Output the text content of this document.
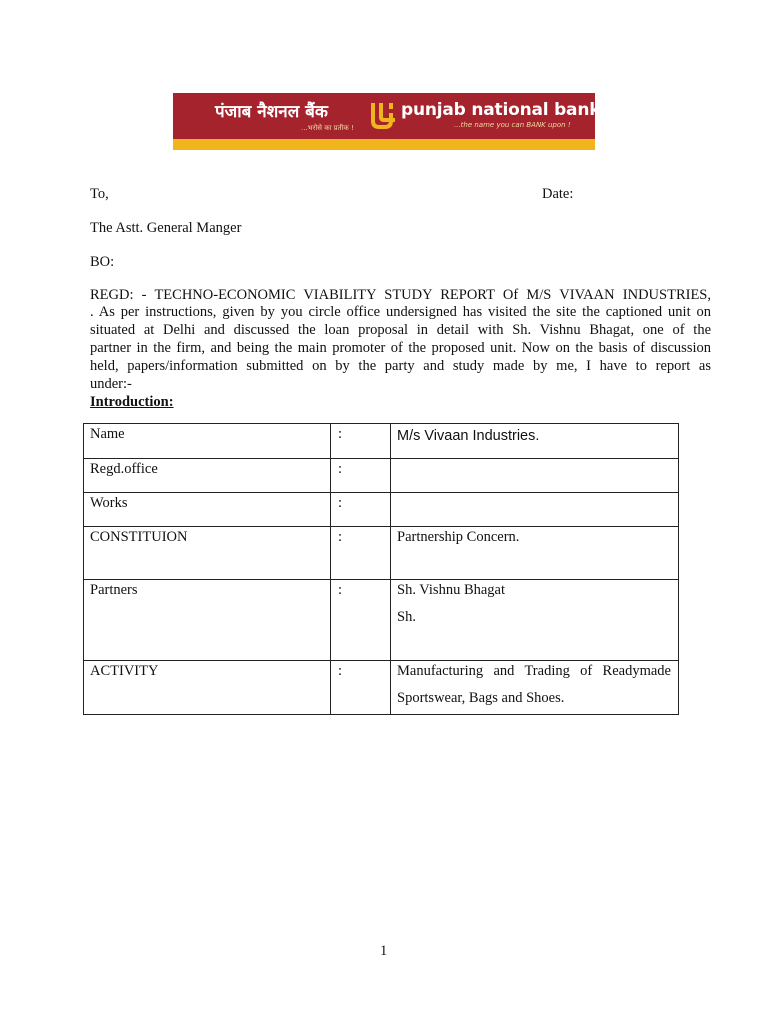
पंजाब नैशनल बैंक
...भरोसे का प्रतीक !
punjab national bank
...the name you can BANK upon !
To,	Date:
The Astt. General Manger
BO:
REGD: - TECHNO-ECONOMIC VIABILITY STUDY REPORT Of M/S VIVAAN INDUSTRIES,
. As per instructions, given by you circle office undersigned has visited the site the captioned unit on
situated at Delhi and discussed the loan proposal in detail with Sh. Vishnu Bhagat, one of the
partner in the firm, and being the main promoter of the proposed unit. Now on the basis of discussion
held, papers/information submitted on by the party and study made by me, I have to report as
under:-
Introduction:
Name	:	M/s Vivaan Industries.

Regd.office	:	

Works	:	

CONSTITUION	:	Partnership Concern.

Partners	:	Sh. Vishnu Bhagat
Sh.

ACTIVITY	:	Manufacturing and Trading of Readymade
Sportswear, Bags and Shoes.
1
